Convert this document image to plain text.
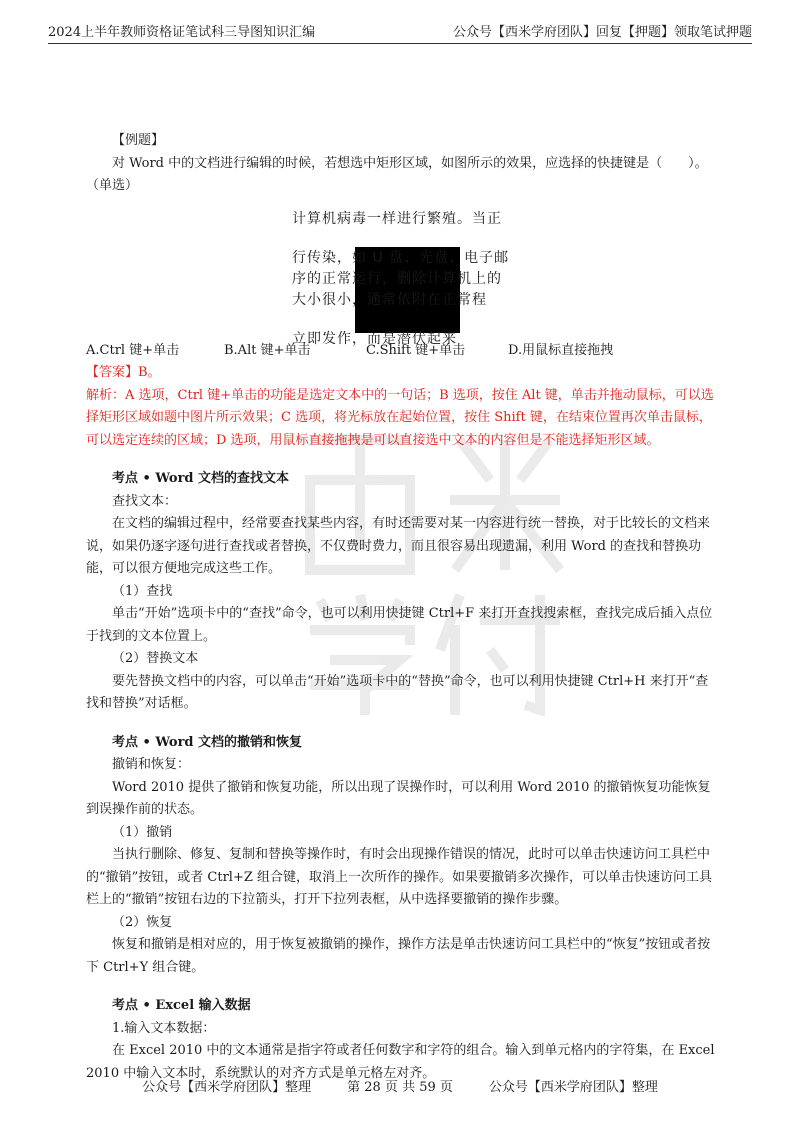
2024上半年教师资格证笔试科三导图知识汇编	公众号【西米学府团队】回复【押题】领取笔试押题

【例题】

对 Word 中的文档进行编辑的时候，若想选中矩形区域，如图所示的效果，应选择的快捷键是（　　）。（单选）

计算机病毒一样进行繁殖。当正
行传染，如 U 盘、光盘、电子邮
序的正常运行，删除计算机上的
大小很小，通常依附在正常程
立即发作，而是潜伏起来
A.Ctrl 键+单击	B.Alt 键+单击	C.Shift 键+单击	D.用鼠标直接拖拽

【答案】B。

解析：A 选项，Ctrl 键+单击的功能是选定文本中的一句话；B 选项，按住 Alt 键，单击并拖动鼠标，可以选择矩形区域如题中图片所示效果；C 选项，将光标放在起始位置，按住 Shift 键，在结束位置再次单击鼠标，可以选定连续的区域；D 选项，用鼠标直接拖拽是可以直接选中文本的内容但是不能选择矩形区域。

考点 • Word 文档的查找文本

查找文本：

在文档的编辑过程中，经常要查找某些内容，有时还需要对某一内容进行统一替换，对于比较长的文档来说，如果仍逐字逐句进行查找或者替换，不仅费时费力，而且很容易出现遗漏，利用 Word 的查找和替换功能，可以很方便地完成这些工作。

（1）查找

单击“开始”选项卡中的“查找”命令，也可以利用快捷键 Ctrl+F 来打开查找搜索框，查找完成后插入点位于找到的文本位置上。

（2）替换文本

要先替换文档中的内容，可以单击“开始”选项卡中的“替换”命令，也可以利用快捷键 Ctrl+H 来打开“查找和替换”对话框。

考点 • Word 文档的撤销和恢复

撤销和恢复：

Word 2010 提供了撤销和恢复功能，所以出现了误操作时，可以利用 Word 2010 的撤销恢复功能恢复到误操作前的状态。

（1）撤销

当执行删除、修复、复制和替换等操作时，有时会出现操作错误的情况，此时可以单击快速访问工具栏中的“撤销”按钮，或者 Ctrl+Z 组合键，取消上一次所作的操作。如果要撤销多次操作，可以单击快速访问工具栏上的“撤销”按钮右边的下拉箭头，打开下拉列表框，从中选择要撤销的操作步骤。

（2）恢复

恢复和撤销是相对应的，用于恢复被撤销的操作，操作方法是单击快速访问工具栏中的“恢复”按钮或者按下 Ctrl+Y 组合键。

考点 • Excel 输入数据

1.输入文本数据：

在 Excel 2010 中的文本通常是指字符或者任何数字和字符的组合。输入到单元格内的字符集，在 Excel 2010 中输入文本时，系统默认的对齐方式是单元格左对齐。

公众号【西米学府团队】整理	第 28 页 共 59 页	公众号【西米学府团队】整理
